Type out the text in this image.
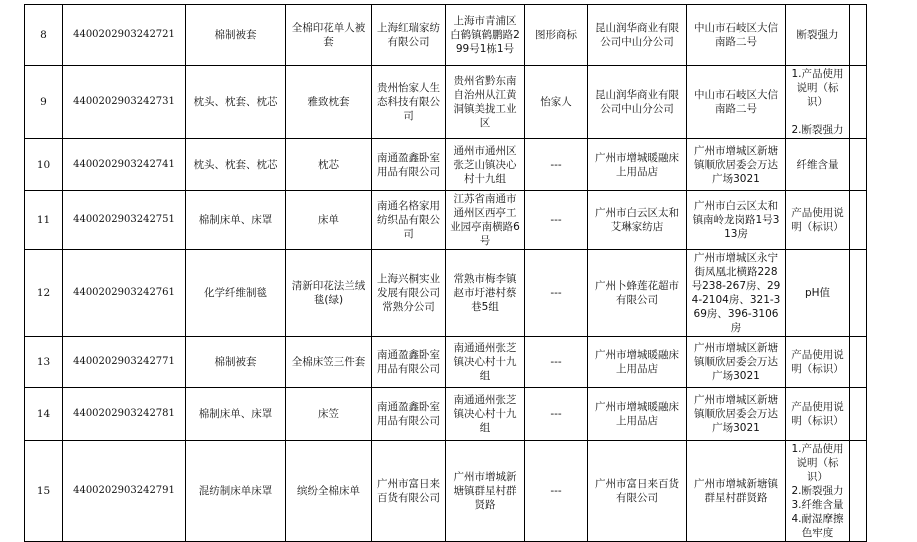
8	4400202903242721	棉制被套	全棉印花单人被套	上海红瑞家纺有限公司	上海市青浦区白鹤镇鹤鹏路299号1栋1号	图形商标	昆山润华商业有限公司中山分公司	中山市石岐区大信南路二号	断裂强力	
9	4400202903242731	枕头、枕套、枕芯	雅致枕套	贵州怡家人生态科技有限公司	贵州省黔东南自治州从江黄洞镇美拢工业区	怡家人	昆山润华商业有限公司中山分公司	中山市石岐区大信南路二号	1.产品使用说明（标识）

2.断裂强力	
10	4400202903242741	枕头、枕套、枕芯	枕芯	南通盈鑫卧室用品有限公司	通州市通州区张芝山镇决心村十九组	---	广州市增城暖融床上用品店	广州市增城区新塘镇顺欣居委会万达广场3021	纤维含量	
11	4400202903242751	棉制床单、床罩	床单	南通名格家用纺织品有限公司	江苏省南通市通州区西亭工业园亭南横路6号	---	广州市白云区太和艾琳家纺店	广州市白云区太和镇南岭龙岗路1号313房	产品使用说明（标识）	
12	4400202903242761	化学纤维制毯	清新印花法兰绒毯(绿)	上海兴桐实业发展有限公司常熟分公司	常熟市梅李镇赵市圩港村蔡巷5组	---	广州卜蜂莲花超市有限公司	广州市增城区永宁街凤凰北横路228号238-267房、294-2104房、321-369房、396-3106房	pH值	
13	4400202903242771	棉制被套	全棉床笠三件套	南通盈鑫卧室用品有限公司	南通通州张芝镇决心村十九组	---	广州市增城暖融床上用品店	广州市增城区新塘镇顺欣居委会万达广场3021	产品使用说明（标识）	
14	4400202903242781	棉制床单、床罩	床笠	南通盈鑫卧室用品有限公司	南通通州张芝镇决心村十九组	---	广州市增城暖融床上用品店	广州市增城区新塘镇顺欣居委会万达广场3021	产品使用说明（标识）	
15	4400202903242791	混纺制床单床罩	缤纷全棉床单	广州市富日来百货有限公司	广州市增城新塘镇群星村群贤路	---	广州市富日来百货有限公司	广州市增城新塘镇群星村群贤路	1.产品使用说明（标识）
2.断裂强力
3.纤维含量
4.耐湿摩擦色牢度	
